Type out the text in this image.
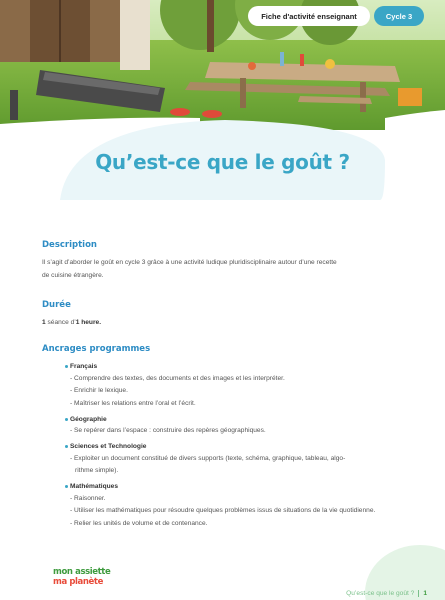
Fiche d'activité enseignant	Cycle 3
Qu’est-ce que le goût ?
Description
Il s’agit d’aborder le goût en cycle 3 grâce à une activité ludique pluridisciplinaire autour d’une recette
de cuisine étrangère.
Durée
1 séance d’1 heure.
Ancrages programmes
Français
- Comprendre des textes, des documents et des images et les interpréter.
- Enrichir le lexique.
- Maîtriser les relations entre l’oral et l’écrit.
Géographie
- Se repérer dans l’espace : construire des repères géographiques.
Sciences et Technologie
- Exploiter un document constitué de divers supports (texte, schéma, graphique, tableau, algo-
rithme simple).
Mathématiques
- Raisonner.
- Utiliser les mathématiques pour résoudre quelques problèmes issus de situations de la vie quotidienne.
- Relier les unités de volume et de contenance.
mon assiette
ma planète
Qu’est-ce que le goût ? 1
